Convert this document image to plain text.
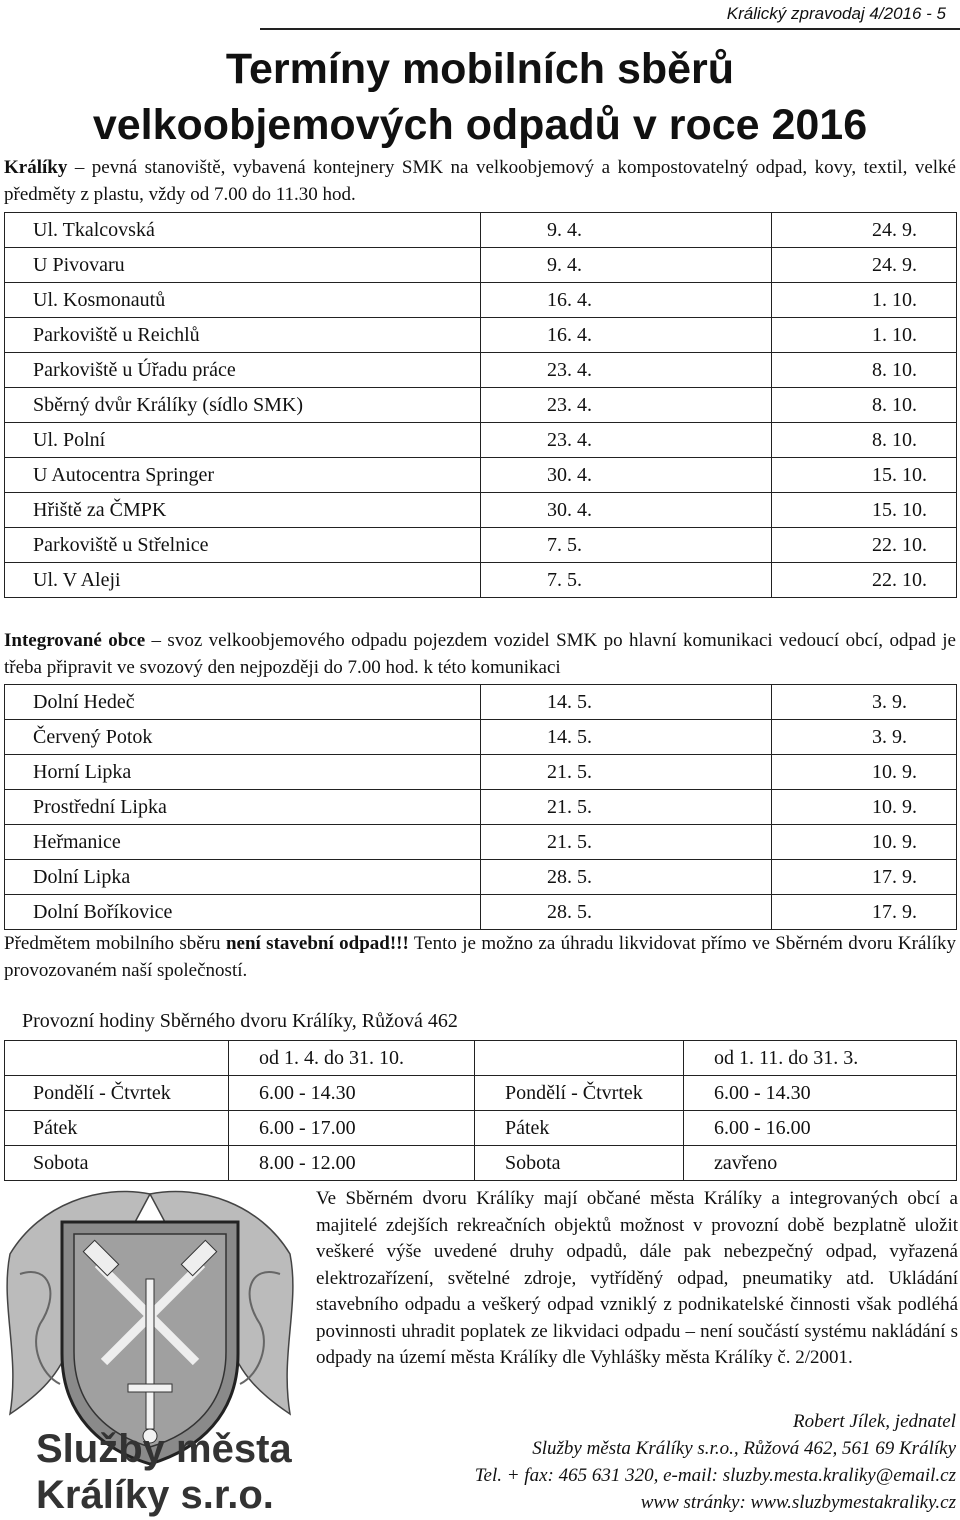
Králický zpravodaj 4/2016 - 5
Termíny mobilních sběrů
velkoobjemových odpadů v roce 2016
Králíky – pevná stanoviště, vybavená kontejnery SMK na velkoobjemový a kompostovatelný odpad, kovy, textil, velké předměty z plastu, vždy od 7.00 do 11.30 hod.
Ul. Tkalcovská	9. 4.	24. 9.
U Pivovaru	9. 4.	24. 9.
Ul. Kosmonautů	16. 4.	1. 10.
Parkoviště u Reichlů	16. 4.	1. 10.
Parkoviště u Úřadu práce	23. 4.	8. 10.
Sběrný dvůr Králíky (sídlo SMK)	23. 4.	8. 10.
Ul. Polní	23. 4.	8. 10.
U Autocentra Springer	30. 4.	15. 10.
Hřiště za ČMPK	30. 4.	15. 10.
Parkoviště u Střelnice	7. 5.	22. 10.
Ul. V Aleji	7. 5.	22. 10.
Integrované obce – svoz velkoobjemového odpadu pojezdem vozidel SMK po hlavní komunikaci vedoucí obcí, odpad je třeba připravit ve svozový den nejpozději do 7.00 hod. k této komunikaci
Dolní Hedeč	14. 5.	3. 9.
Červený Potok	14. 5.	3. 9.
Horní Lipka	21. 5.	10. 9.
Prostřední Lipka	21. 5.	10. 9.
Heřmanice	21. 5.	10. 9.
Dolní Lipka	28. 5.	17. 9.
Dolní Boříkovice	28. 5.	17. 9.
Předmětem mobilního sběru není stavební odpad!!! Tento je možno za úhradu likvidovat přímo ve Sběrném dvoru Králíky provozovaném naší společností.
Provozní hodiny Sběrného dvoru Králíky, Růžová 462
	od 1. 4. do 31. 10.		od 1. 11. do 31. 3.
Pondělí - Čtvrtek	6.00 - 14.30	Pondělí - Čtvrtek	6.00 - 14.30
Pátek	6.00 - 17.00	Pátek	6.00 - 16.00
Sobota	8.00 - 12.00	Sobota	zavřeno
Služby města
Králíky s.r.o.
Ve Sběrném dvoru Králíky mají občané města Králíky a integrovaných obcí a majitelé zdejších rekreačních objektů možnost v provozní době bezplatně uložit veškeré výše uvedené druhy odpadů, dále pak nebezpečný odpad, vyřazená elektrozařízení, světelné zdroje, vytříděný odpad, pneumatiky atd. Ukládání stavebního odpadu a veškerý odpad vzniklý z podnikatelské činnosti však podléhá povinnosti uhradit poplatek ze likvidaci odpadu – není součástí systému nakládání s odpady na území města Králíky dle Vyhlášky města Králíky č. 2/2001.
Robert Jílek, jednatel
Služby města Králíky s.r.o., Růžová 462, 561 69 Králíky
Tel. + fax: 465 631 320, e-mail: sluzby.mesta.kraliky@email.cz
www stránky: www.sluzbymestakraliky.cz
